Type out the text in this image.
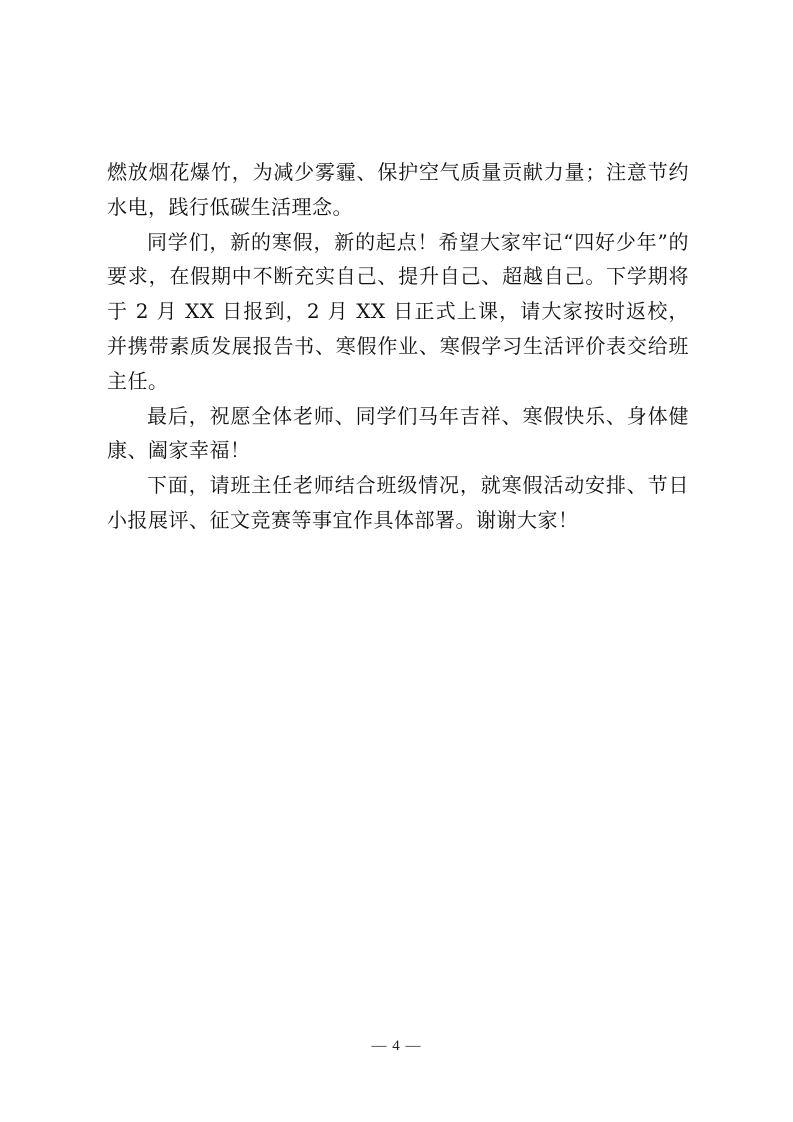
燃放烟花爆竹，为减少雾霾、保护空气质量贡献力量；注意节约水电，践行低碳生活理念。

同学们，新的寒假，新的起点！希望大家牢记“四好少年”的要求，在假期中不断充实自己、提升自己、超越自己。下学期将于 2 月 XX 日报到，2 月 XX 日正式上课，请大家按时返校，并携带素质发展报告书、寒假作业、寒假学习生活评价表交给班主任。

最后，祝愿全体老师、同学们马年吉祥、寒假快乐、身体健康、阖家幸福！

下面，请班主任老师结合班级情况，就寒假活动安排、节日小报展评、征文竞赛等事宜作具体部署。谢谢大家！

— 4 —
